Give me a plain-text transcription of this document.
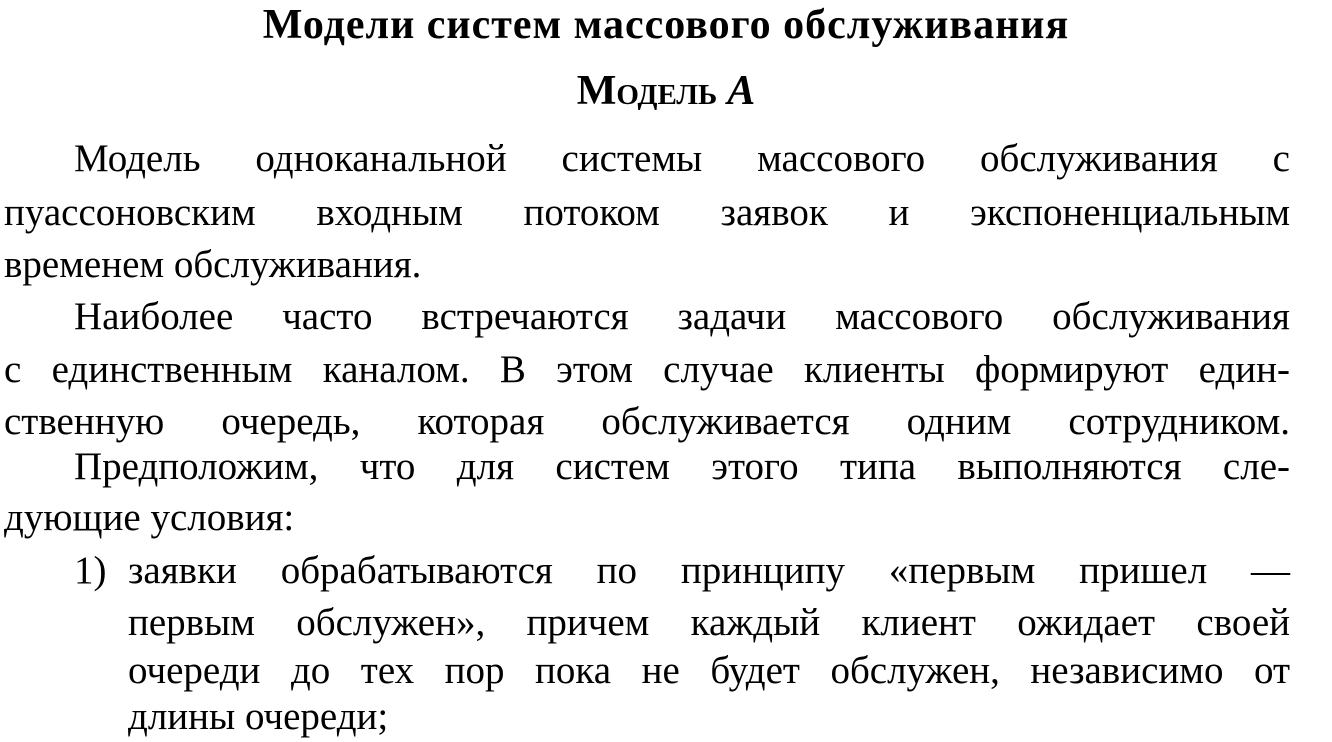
Модели систем массового обслуживания
Модель A
Модель одноканальной системы массового обслуживания с
пуассоновским входным потоком заявок и экспоненциальным
временем обслуживания.
Наиболее часто встречаются задачи массового обслуживания
с единственным каналом. В этом случае клиенты формируют един-
ственную очередь, которая обслуживается одним сотрудником.
Предположим, что для систем этого типа выполняются сле-
дующие условия:
1) заявки обрабатываются по принципу «первым пришел —
первым обслужен», причем каждый клиент ожидает своей
очереди до тех пор пока не будет обслужен, независимо от
длины очереди;
